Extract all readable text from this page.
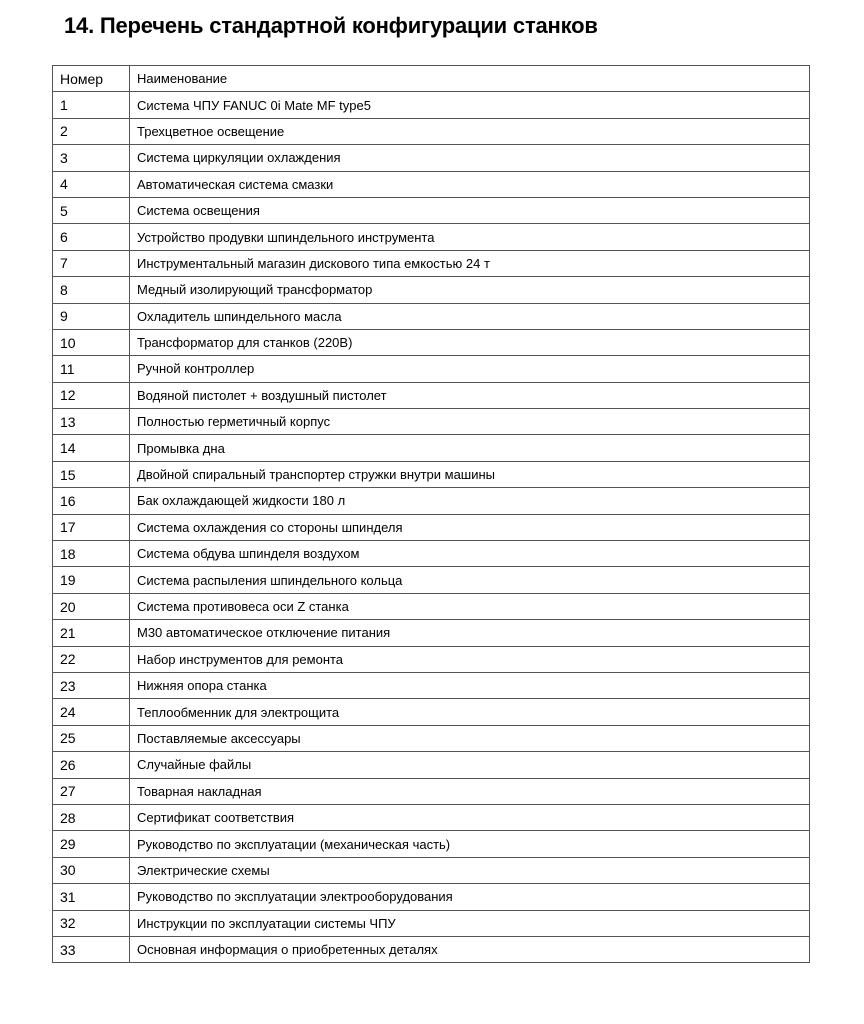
14. Перечень стандартной конфигурации станков
Номер	Наименование
1	Система ЧПУ FANUC 0i Mate MF type5
2	Трехцветное освещение
3	Система циркуляции охлаждения
4	Автоматическая система смазки
5	Система освещения
6	Устройство продувки шпиндельного инструмента
7	Инструментальный магазин дискового типа емкостью 24 т
8	Медный изолирующий трансформатор
9	Охладитель шпиндельного масла
10	Трансформатор для станков (220В)
11	Ручной контроллер
12	Водяной пистолет + воздушный пистолет
13	Полностью герметичный корпус
14	Промывка дна
15	Двойной спиральный транспортер стружки внутри машины
16	Бак охлаждающей жидкости 180 л
17	Система охлаждения со стороны шпинделя
18	Система обдува шпинделя воздухом
19	Система распыления шпиндельного кольца
20	Система противовеса оси Z станка
21	M30 автоматическое отключение питания
22	Набор инструментов для ремонта
23	Нижняя опора станка
24	Теплообменник для электрощита
25	Поставляемые аксессуары
26	Случайные файлы
27	Товарная накладная
28	Сертификат соответствия
29	Руководство по эксплуатации (механическая часть)
30	Электрические схемы
31	Руководство по эксплуатации электрооборудования
32	Инструкции по эксплуатации системы ЧПУ
33	Основная информация о приобретенных деталях
